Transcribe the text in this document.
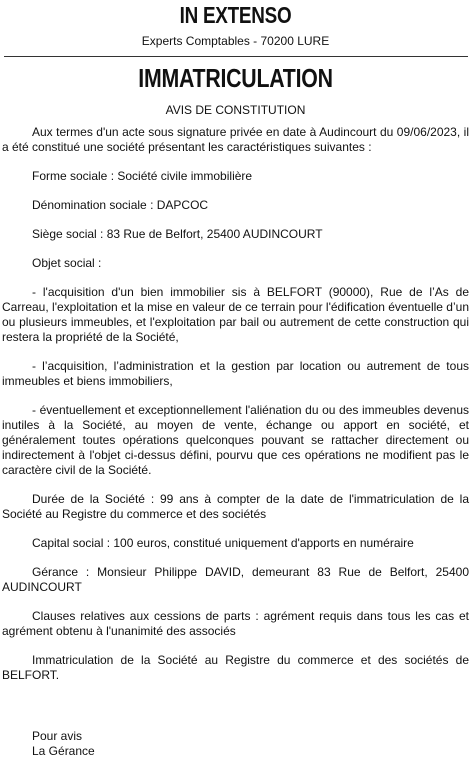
IN EXTENSO
Experts Comptables - 70200 LURE
IMMATRICULATION
AVIS DE CONSTITUTION

Aux termes d'un acte sous signature privée en date à Audincourt du 09/06/2023, il a été constitué une société présentant les caractéristiques suivantes :

Forme sociale : Société civile immobilière

Dénomination sociale : DAPCOC

Siège social : 83 Rue de Belfort, 25400 AUDINCOURT

Objet social :

- l'acquisition d'un bien immobilier sis à BELFORT (90000), Rue de l’As de Carreau, l'exploitation et la mise en valeur de ce terrain pour l'édification éventuelle d’un ou plusieurs immeubles, et l'exploitation par bail ou autrement de cette construction qui restera la propriété de la Société,

- l’acquisition, l’administration et la gestion par location ou autrement de tous immeubles et biens immobiliers,

- éventuellement et exceptionnellement l'aliénation du ou des immeubles devenus inutiles à la Société, au moyen de vente, échange ou apport en société, et généralement toutes opérations quelconques pouvant se rattacher directement ou indirectement à l'objet ci-dessus défini, pourvu que ces opérations ne modifient pas le caractère civil de la Société.

Durée de la Société : 99 ans à compter de la date de l'immatriculation de la Société au Registre du commerce et des sociétés

Capital social : 100 euros, constitué uniquement d'apports en numéraire

Gérance : Monsieur Philippe DAVID, demeurant 83 Rue de Belfort, 25400 AUDINCOURT

Clauses relatives aux cessions de parts : agrément requis dans tous les cas et agrément obtenu à l'unanimité des associés

Immatriculation de la Société au Registre du commerce et des sociétés de BELFORT.

Pour avis
La Gérance
